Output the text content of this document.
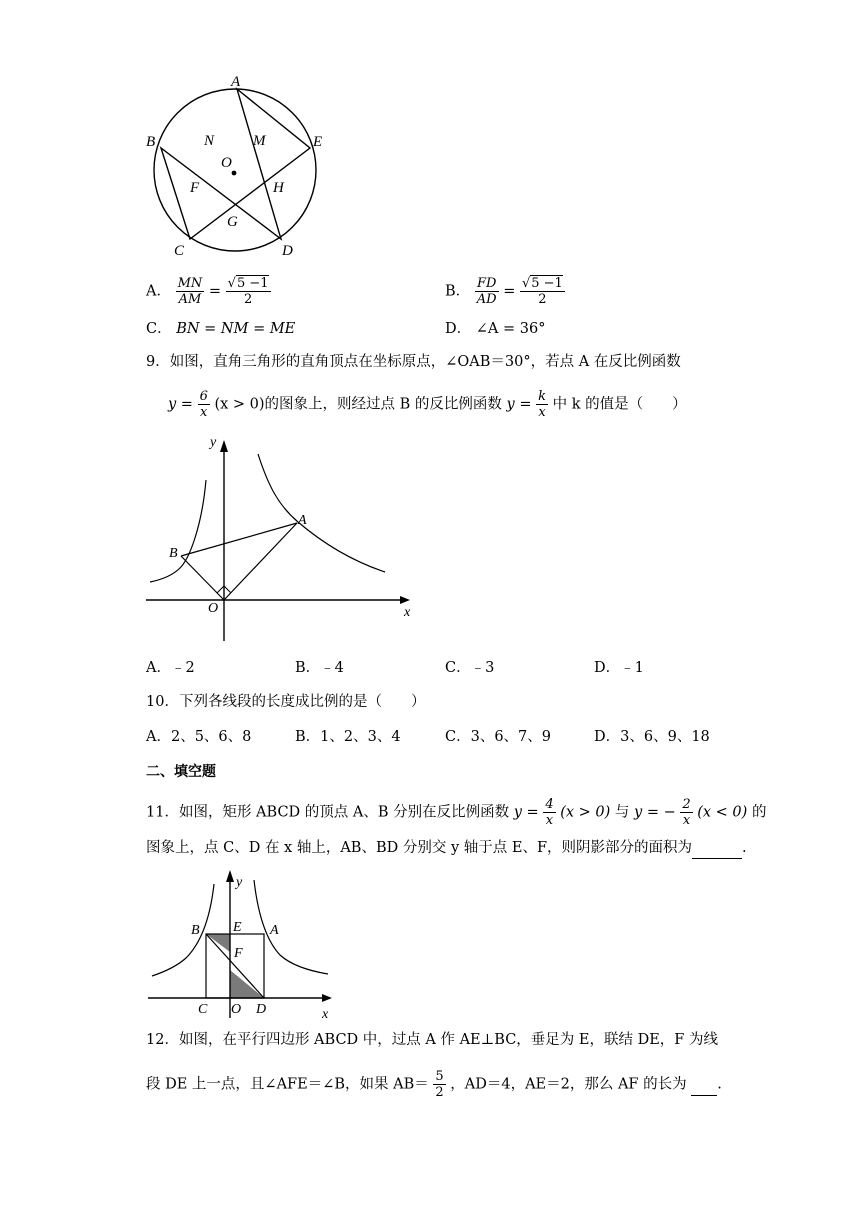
A
B
C	D
E
F
G
H
M
N
O
A． $\frac{MN}{AM} = \frac{√5 -1}{2}$	B． $\frac{FD}{AD} = \frac{√5 -1}{2}$
C． BN = NM = ME	D． ∠A = 36°
9．如图，直角三角形的直角顶点在坐标原点，∠OAB＝30°，若点 A 在反比例函数
$y = \frac{6}{x} (x > 0)$的图象上，则经过点 B 的反比例函数 $y = \frac{k}{x}$ 中 k 的值是（　　）
y
x
O
A
B
A．﹣2	B．﹣4	C．﹣3	D．﹣1
10．下列各线段的长度成比例的是（　　）
A．2、5、6、8	B．1、2、3、4	C．3、6、7、9	D．3、6、9、18
二、填空题
11．如图，矩形 ABCD 的顶点 A、B 分别在反比例函数 $y = \frac{4}{x} (x > 0)$ 与 y = − $\frac{2}{x} (x < 0)$ 的
图象上，点 C、D 在 x 轴上，AB、BD 分别交 y 轴于点 E、F，则阴影部分的面积为	.
y
x
A
B
C	D
E
F
O
12．如图，在平行四边形 ABCD 中，过点 A 作 AE⊥BC，垂足为 E，联结 DE，F 为线
段 DE 上一点，且∠AFE＝∠B，如果 $AB= \frac{5}{2}$ ，AD＝4，AE＝2，那么 AF 的长为 .
